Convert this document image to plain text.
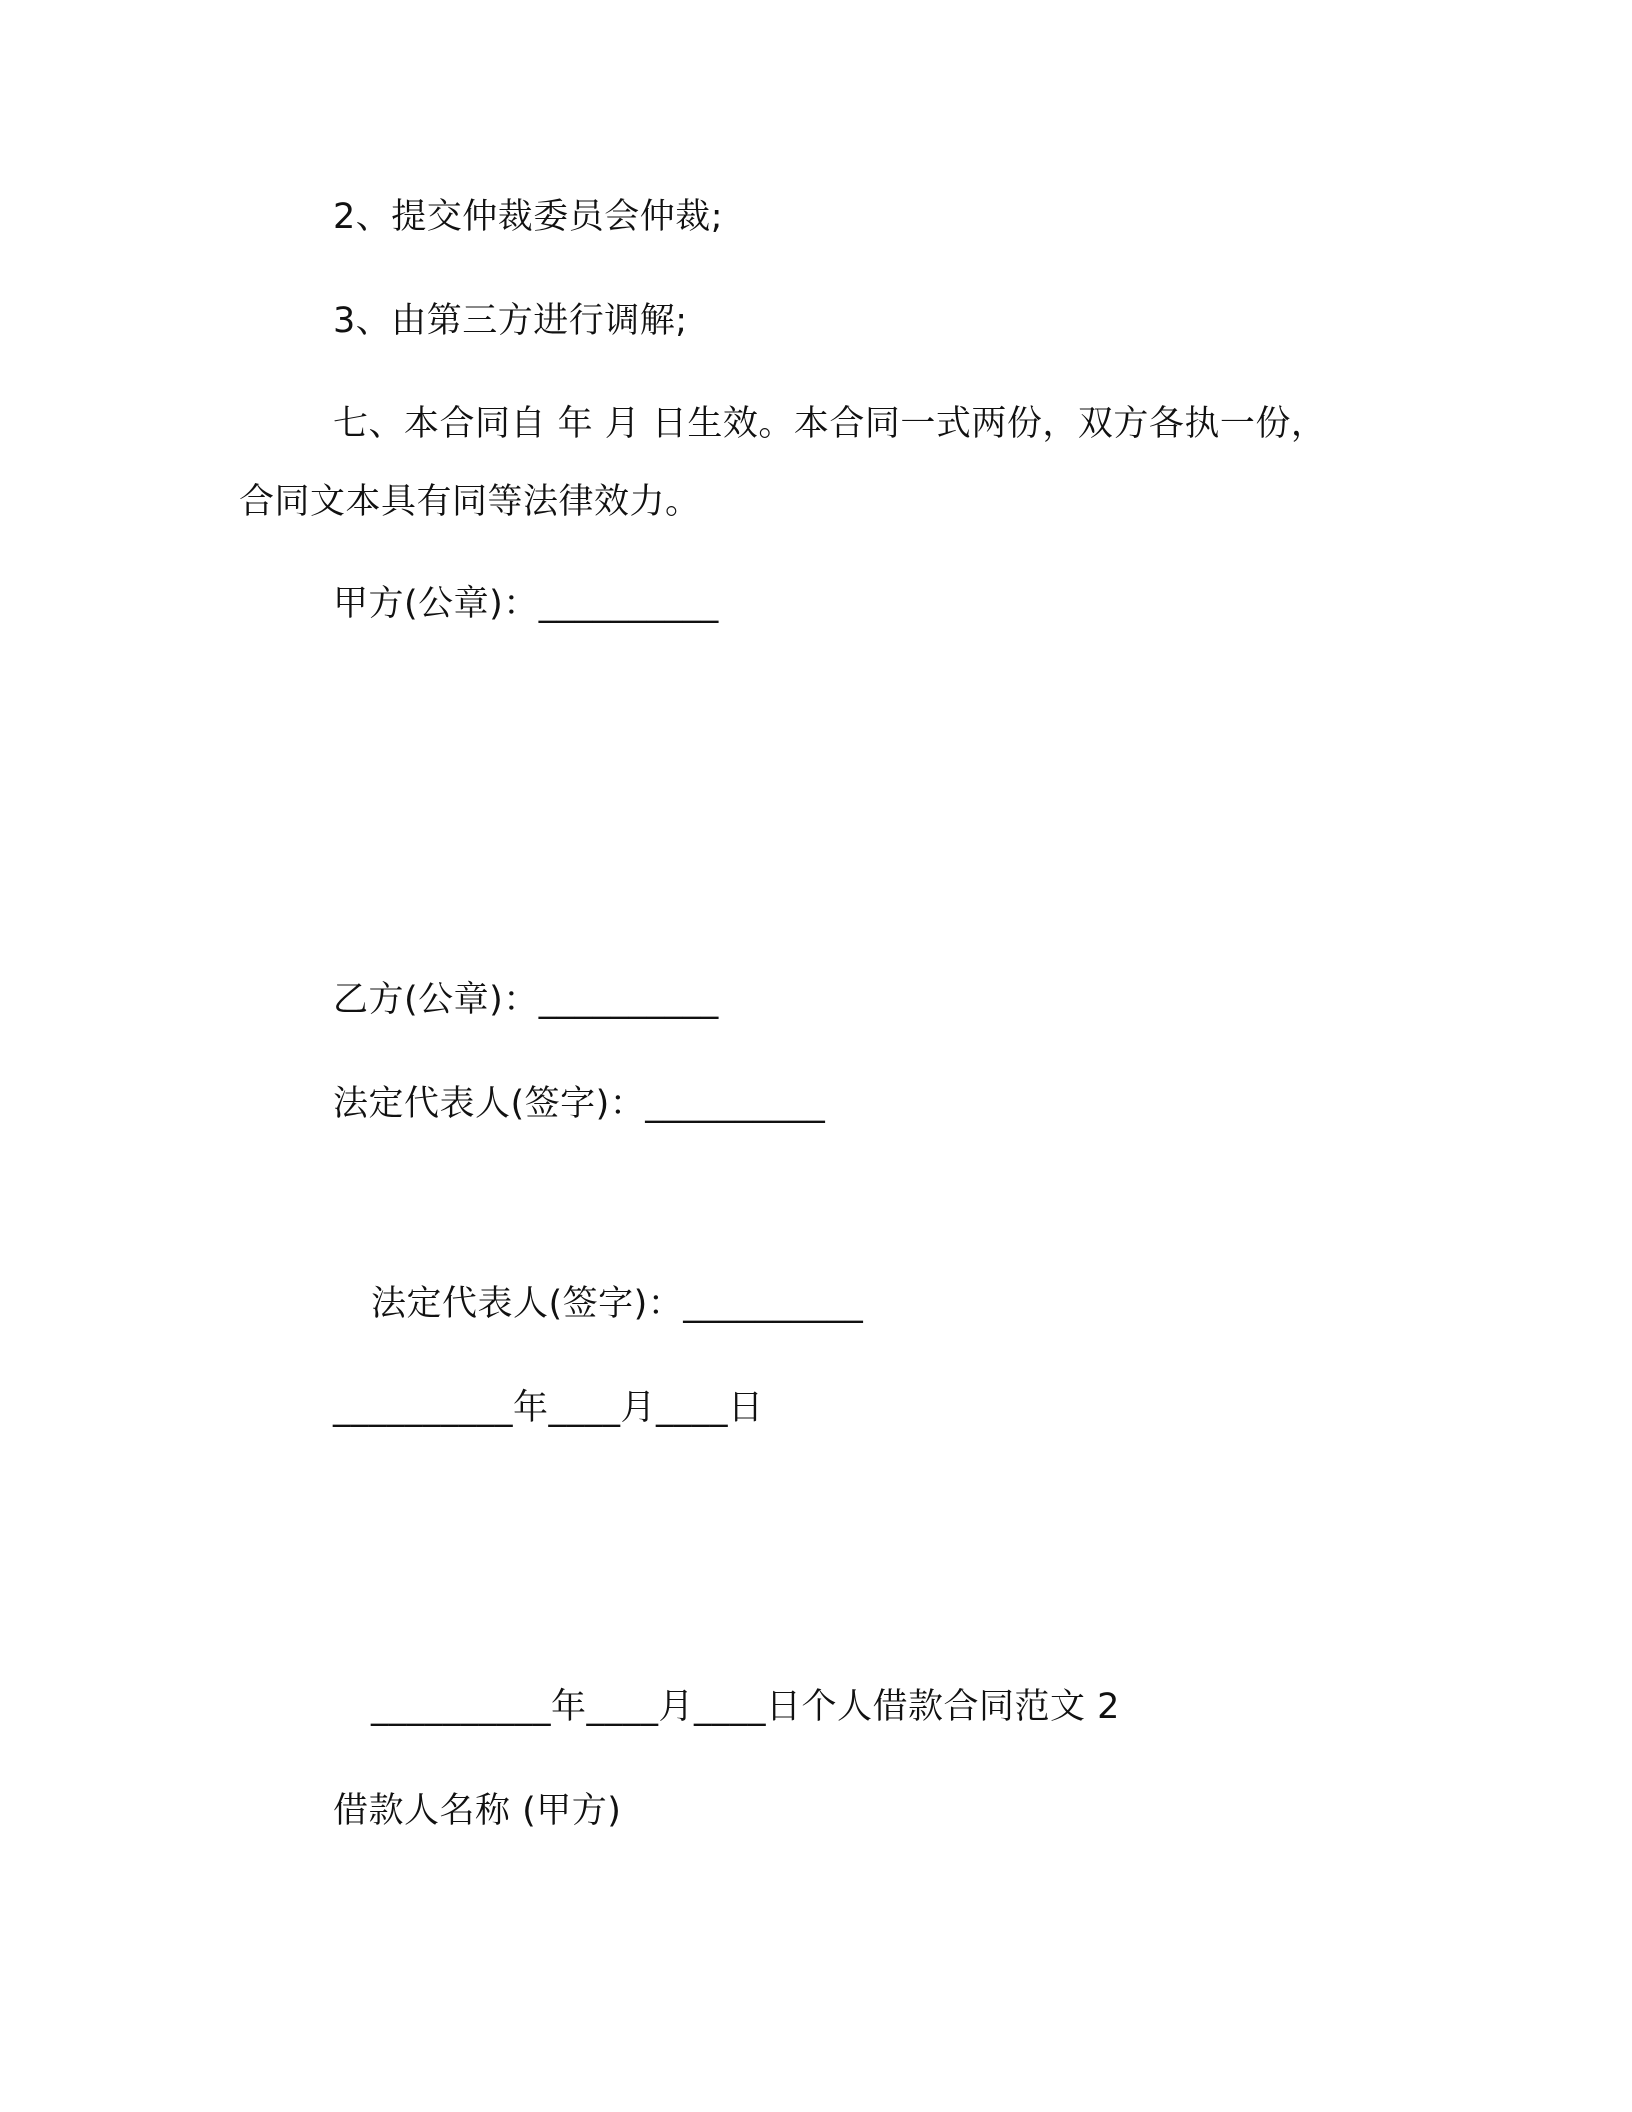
2、提交仲裁委员会仲裁;
3、由第三方进行调解;
七、本合同自 年 月 日生效。本合同一式两份，双方各执一份，
合同文本具有同等法律效力。
甲方(公章)：__________
乙方(公章)：__________
法定代表人(签字)：__________
法定代表人(签字)：__________
__________年____月____日
__________年____月____日个人借款合同范文 2
借款人名称 (甲方)
